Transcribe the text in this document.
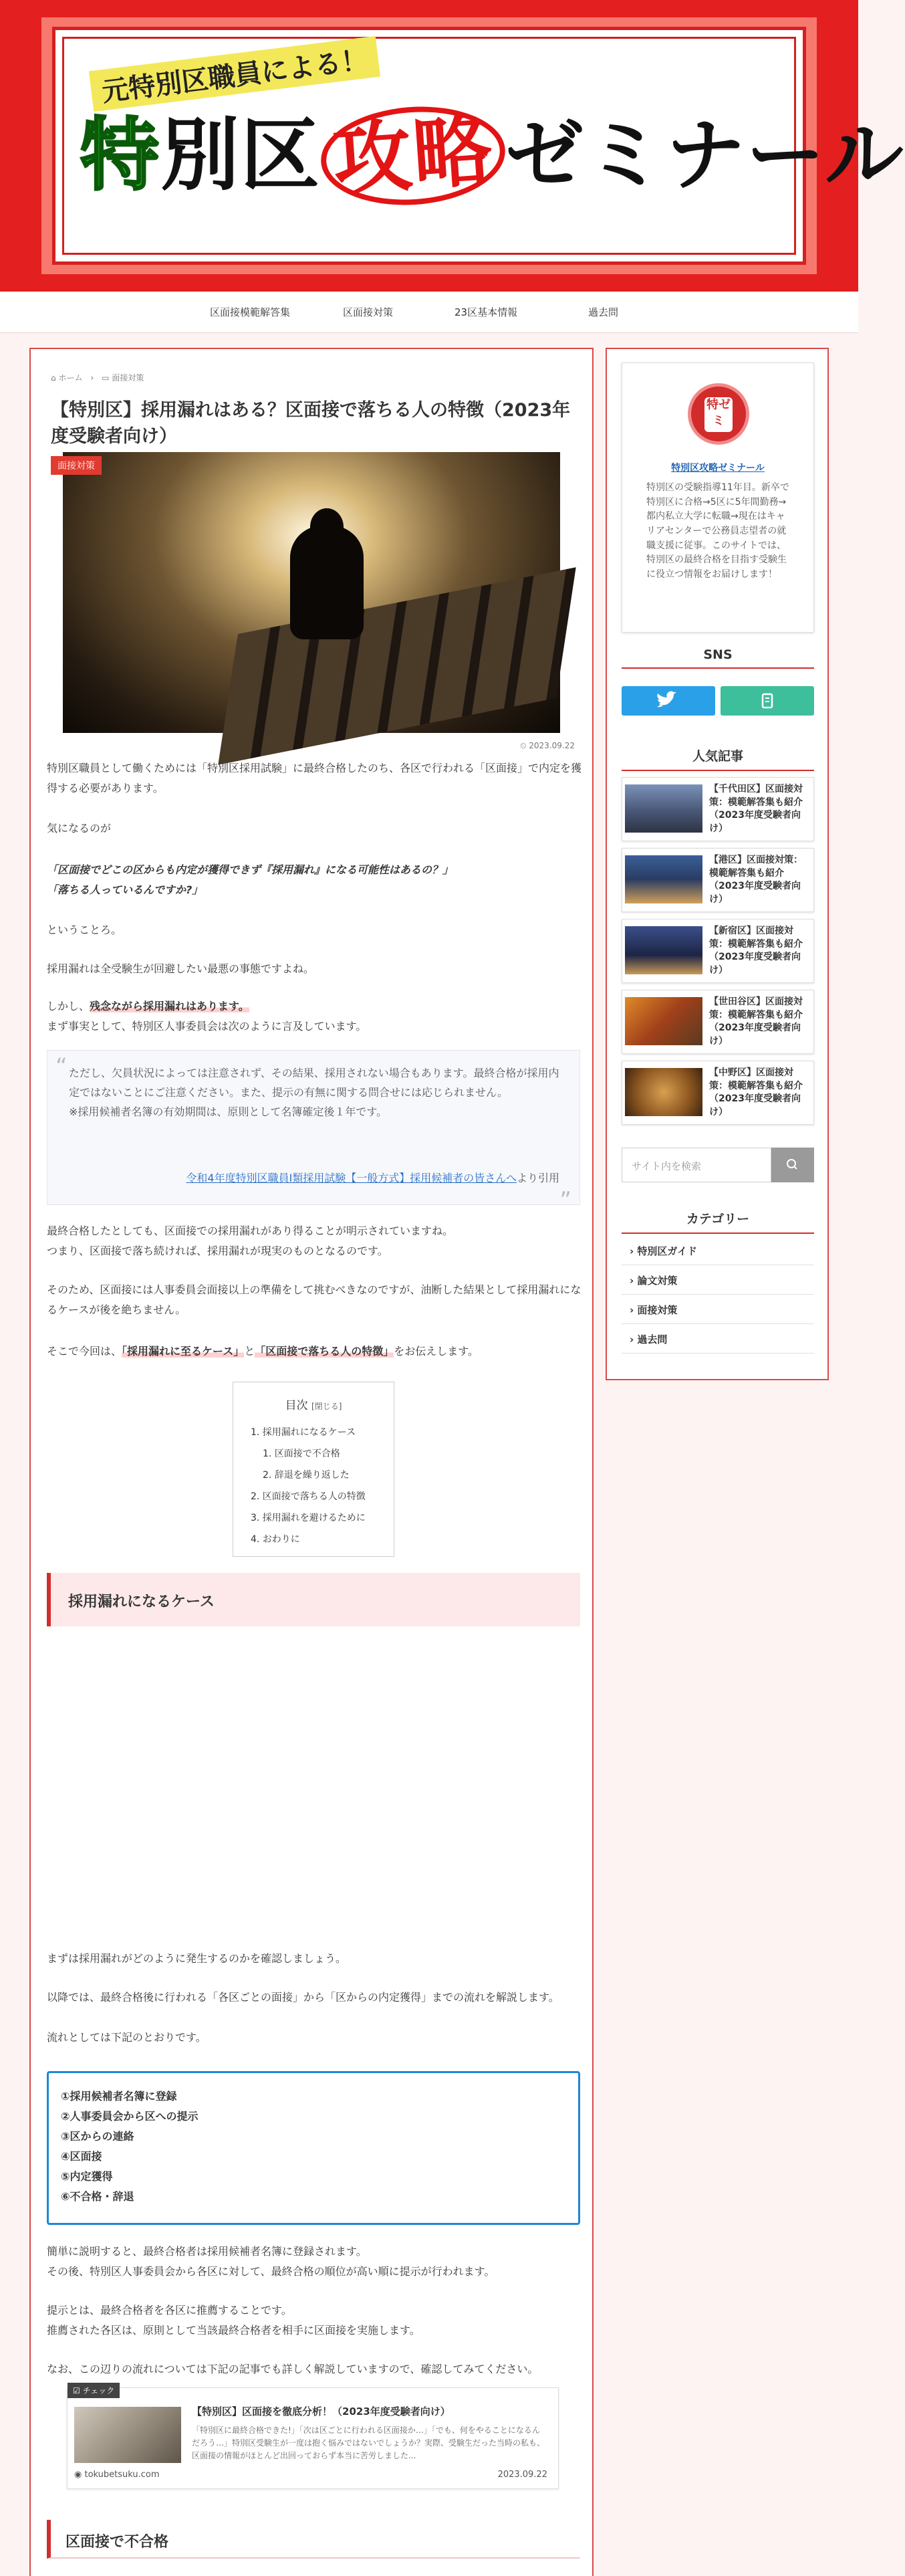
元特別区職員による！
特別区 攻略 ゼミナール
区面接模範解答集	区面接対策	23区基本情報	過去問
⌂ ホーム　›　▭ 面接対策
【特別区】採用漏れはある？区面接で落ちる人の特徴（2023年度受験者向け）
面接対策
⏲ 2023.09.22
特別区職員として働くためには「特別区採用試験」に最終合格したのち、各区で行われる「区面接」で内定を獲得する必要があります。
気になるのが
「区面接でどこの区からも内定が獲得できず『採用漏れ』になる可能性はあるの？」
「落ちる人っているんですか?」
ということろ。
採用漏れは全受験生が回避したい最悪の事態ですよね。
しかし、残念ながら採用漏れはあります。
まず事実として、特別区人事委員会は次のように言及しています。
“ ただし、欠員状況によっては注意されず、その結果、採用されない場合もあります。最終合格が採用内定ではないことにご注意ください。また、提示の有無に関する問合せには応じられません。
※採用候補者名簿の有効期間は、原則として名簿確定後１年です。
令和4年度特別区職員Ⅰ類採用試験【一般方式】採用候補者の皆さんへより引用
”
最終合格したとしても、区面接での採用漏れがあり得ることが明示されていますね。
つまり、区面接で落ち続ければ、採用漏れが現実のものとなるのです。
そのため、区面接には人事委員会面接以上の準備をして挑むべきなのですが、油断した結果として採用漏れになるケースが後を絶ちません。
そこで今回は、「採用漏れに至るケース」と「区面接で落ちる人の特徴」をお伝えします。
目次 [閉じる]
1. 採用漏れになるケース
1. 区面接で不合格
2. 辞退を繰り返した
2. 区面接で落ちる人の特徴
3. 採用漏れを避けるために
4. おわりに
採用漏れになるケース
まずは採用漏れがどのように発生するのかを確認しましょう。
以降では、最終合格後に行われる「各区ごとの面接」から「区からの内定獲得」までの流れを解説します。
流れとしては下記のとおりです。
①採用候補者名簿に登録
②人事委員会から区への提示
③区からの連絡
④区面接
⑤内定獲得
⑥不合格・辞退
簡単に説明すると、最終合格者は採用候補者名簿に登録されます。
その後、特別区人事委員会から各区に対して、最終合格の順位が高い順に提示が行われます。
提示とは、最終合格者を各区に推薦することです。
推薦された各区は、原則として当該最終合格者を相手に区面接を実施します。
なお、この辺りの流れについては下記の記事でも詳しく解説していますので、確認してみてください。
☑ チェック
【特別区】区面接を徹底分析！（2023年度受験者向け）
「特別区に最終合格できた!」「次は区ごとに行われる区面接か…」「でも、何をやることになるんだろう…」特別区受験生が一度は抱く悩みではないでしょうか？実際、受験生だった当時の私も、区面接の情報がほとんど出回っておらず本当に苦労しました...
◉ tokubetsuku.com	2023.09.22
区面接で不合格
特ゼミ
特別区攻略ゼミナール
特別区の受験指導11年目。新卒で特別区に合格→5区に5年間勤務→都内私立大学に転職→現在はキャリアセンターで公務員志望者の就職支援に従事。このサイトでは、特別区の最終合格を目指す受験生に役立つ情報をお届けします！
SNS
人気記事
【千代田区】区面接対策：模範解答集も紹介（2023年度受験者向け）
【港区】区面接対策：模範解答集も紹介（2023年度受験者向け）
【新宿区】区面接対策：模範解答集も紹介（2023年度受験者向け）
【世田谷区】区面接対策：模範解答集も紹介（2023年度受験者向け）
【中野区】区面接対策：模範解答集も紹介（2023年度受験者向け）
サイト内を検索
カテゴリー
› 特別区ガイド
› 論文対策
› 面接対策
› 過去問
